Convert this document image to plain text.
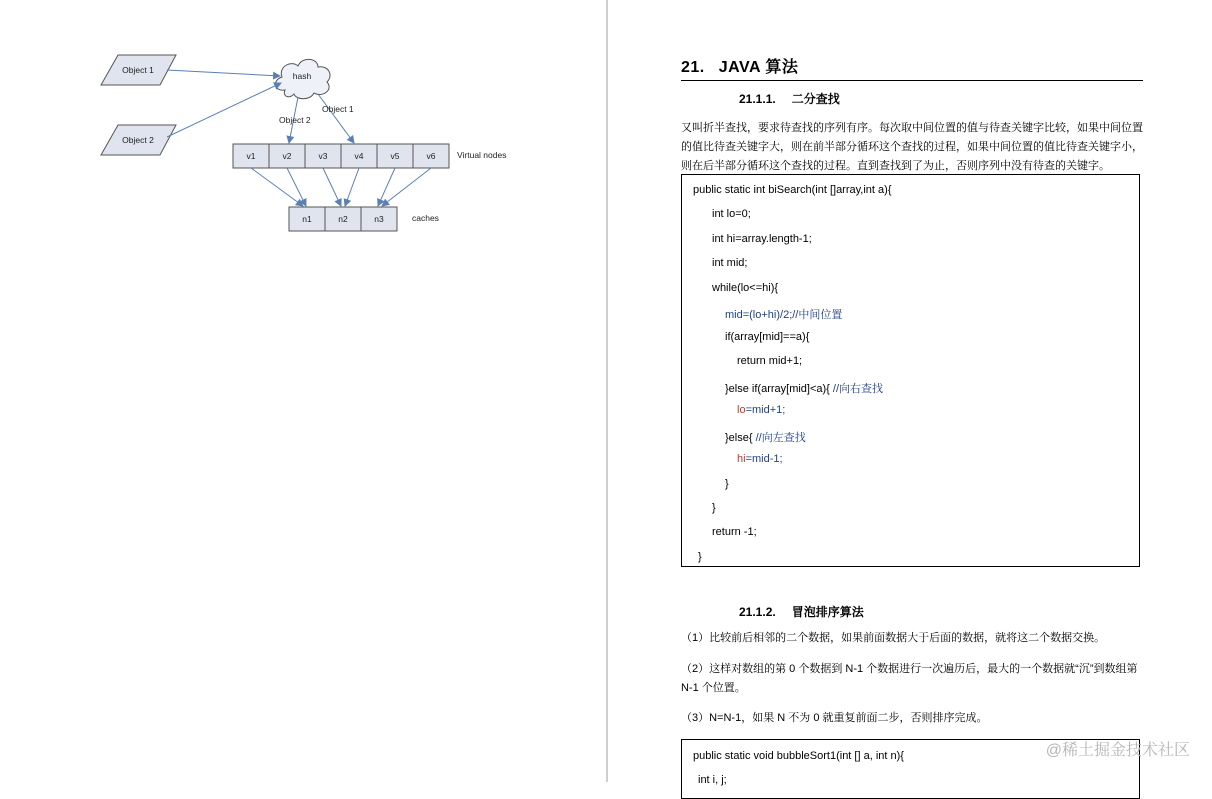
Object 1
Object 2
hash
Object 2
Object 1
v1	v2	v3	v4	v5	v6	Virtual nodes
n1	n2	n3	caches
21. JAVA 算法
21.1.1. 二分查找
又叫折半查找，要求待查找的序列有序。每次取中间位置的值与待查关键字比较，如果中间位置的值比待查关键字大，则在前半部分循环这个查找的过程，如果中间位置的值比待查关键字小，则在后半部分循环这个查找的过程。直到查找到了为止，否则序列中没有待查的关键字。
public static int biSearch(int []array,int a){
int lo=0;
int hi=array.length-1;
int mid;
while(lo<=hi){
mid=(lo+hi)/2;//中间位置
if(array[mid]==a){
return mid+1;
}else if(array[mid]<a){ //向右查找
lo=mid+1;
}else{ //向左查找
hi=mid-1;
}
}
return -1;
}
21.1.2. 冒泡排序算法
（1）比较前后相邻的二个数据，如果前面数据大于后面的数据，就将这二个数据交换。
（2）这样对数组的第 0 个数据到 N-1 个数据进行一次遍历后，最大的一个数据就“沉”到数组第 N-1 个位置。
（3）N=N-1，如果 N 不为 0 就重复前面二步，否则排序完成。
public static void bubbleSort1(int [] a, int n){
int i, j;
@稀土掘金技术社区
